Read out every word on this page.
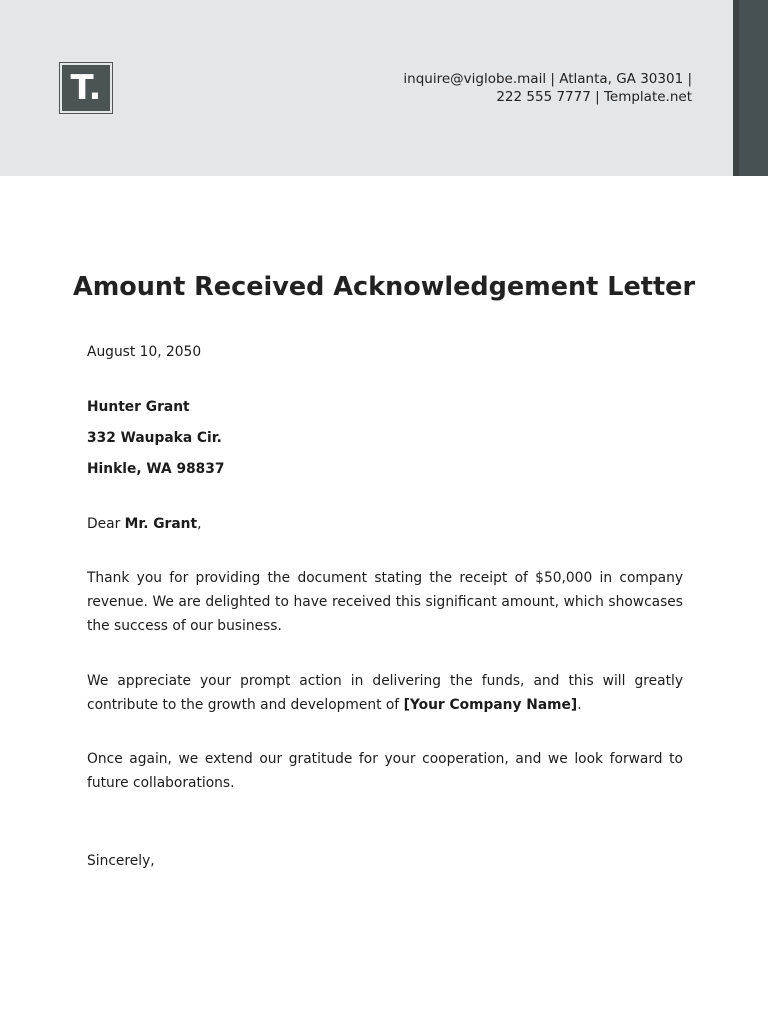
T.	inquire@viglobe.mail | Atlanta, GA 30301 |
222 555 7777 | Template.net
Amount Received Acknowledgement Letter
August 10, 2050
Hunter Grant
332 Waupaka Cir.
Hinkle, WA 98837
Dear Mr. Grant,
Thank you for providing the document stating the receipt of $50,000 in company revenue. We are delighted to have received this significant amount, which showcases the success of our business.
We appreciate your prompt action in delivering the funds, and this will greatly contribute to the growth and development of [Your Company Name].
Once again, we extend our gratitude for your cooperation, and we look forward to future collaborations.
Sincerely,
